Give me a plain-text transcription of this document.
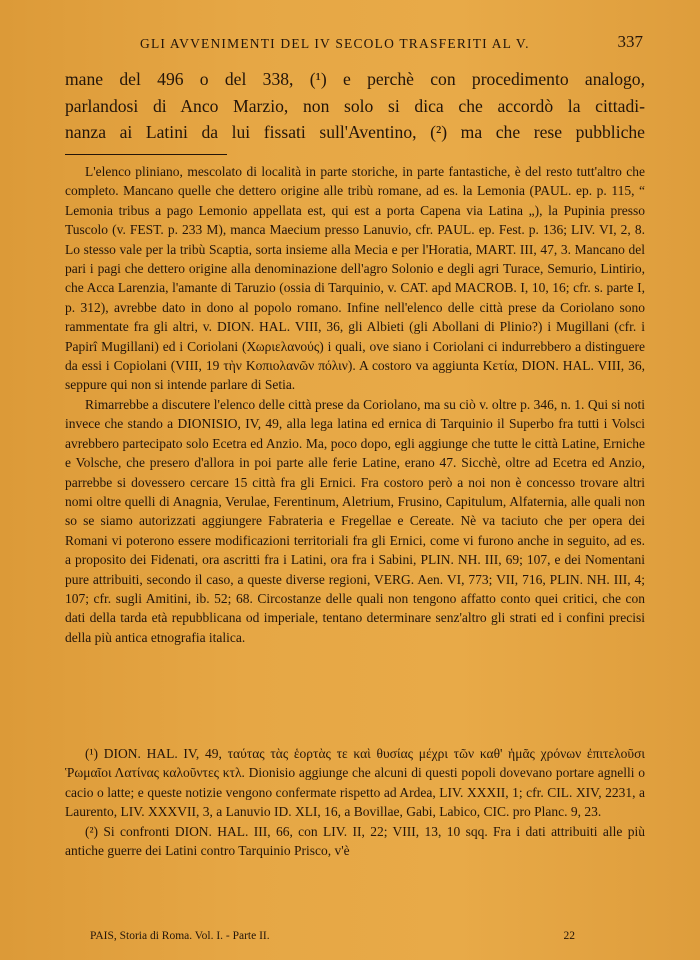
GLI AVVENIMENTI DEL IV SECOLO TRASFERITI AL V.	337
mane del 496 o del 338, (¹) e perchè con procedimento analogo,
parlandosi di Anco Marzio, non solo si dica che accordò la cittadi-
nanza ai Latini da lui fissati sull'Aventino, (²) ma che rese pubbliche

L'elenco pliniano, mescolato di località in parte storiche, in parte fantastiche, è del resto tutt'altro che completo. Mancano quelle che dettero origine alle tribù romane, ad es. la Lemonia (PAUL. ep. p. 115, “ Lemonia tribus a pago Lemonio appellata est, qui est a porta Capena via Latina „), la Pupinia presso Tuscolo (v. FEST. p. 233 M), manca Maecium presso Lanuvio, cfr. PAUL. ep. Fest. p. 136; LIV. VI, 2, 8. Lo stesso vale per la tribù Scaptia, sorta insieme alla Mecia e per l'Horatia, MART. III, 47, 3. Mancano del pari i pagi che dettero origine alla denominazione dell'agro Solonio e degli agri Turace, Semurio, Lintirio, che Acca Larenzia, l'amante di Taruzio (ossia di Tarquinio, v. CAT. apd MACROB. I, 10, 16; cfr. s. parte I, p. 312), avrebbe dato in dono al popolo romano. Infine nell'elenco delle città prese da Coriolano sono rammentate fra gli altri, v. DION. HAL. VIII, 36, gli Albieti (gli Abollani di Plinio?) i Mugillani (cfr. i Papirî Mugillani) ed i Coriolani (Χωριελανούς) i quali, ove siano i Coriolani ci indurrebbero a distinguere da essi i Copiolani (VIII, 19 τὴν Κοπιολανῶν πόλιν). A costoro va aggiunta Κετία, DION. HAL. VIII, 36, seppure qui non si intende parlare di Setia.

Rimarrebbe a discutere l'elenco delle città prese da Coriolano, ma su ciò v. oltre p. 346, n. 1. Qui si noti invece che stando a DIONISIO, IV, 49, alla lega latina ed ernica di Tarquinio il Superbo fra tutti i Volsci avrebbero partecipato solo Ecetra ed Anzio. Ma, poco dopo, egli aggiunge che tutte le città Latine, Erniche e Volsche, che presero d'allora in poi parte alle ferie Latine, erano 47. Sicchè, oltre ad Ecetra ed Anzio, parrebbe si dovessero cercare 15 città fra gli Ernici. Fra costoro però a noi non è concesso trovare altri nomi oltre quelli di Anagnia, Verulae, Ferentinum, Aletrium, Frusino, Capitulum, Alfaternia, alle quali non so se siamo autorizzati aggiungere Fabrateria e Fregellae e Cereate. Nè va taciuto che per opera dei Romani vi poterono essere modificazioni territoriali fra gli Ernici, come vi furono anche in seguito, ad es. a proposito dei Fidenati, ora ascritti fra i Latini, ora fra i Sabini, PLIN. NH. III, 69; 107, e dei Nomentani pure attribuiti, secondo il caso, a queste diverse regioni, VERG. Aen. VI, 773; VII, 716, PLIN. NH. III, 4; 107; cfr. sugli Amitini, ib. 52; 68. Circostanze delle quali non tengono affatto conto quei critici, che con dati della tarda età repubblicana od imperiale, tentano determinare senz'altro gli strati ed i confini precisi della più antica etnografia italica.

(¹) DION. HAL. IV, 49, ταύτας τὰς ἑορτὰς τε καὶ θυσίας μέχρι τῶν καθ' ἡμᾶς χρόνων ἐπιτελοῦσι Ῥωμαῖοι Λατίνας καλοῦντες κτλ. Dionisio aggiunge che alcuni di questi popoli dovevano portare agnelli o cacio o latte; e queste notizie vengono confermate rispetto ad Ardea, LIV. XXXII, 1; cfr. CIL. XIV, 2231, a Laurento, LIV. XXXVII, 3, a Lanuvio ID. XLI, 16, a Bovillae, Gabi, Labico, CIC. pro Planc. 9, 23.

(²) Si confronti DION. HAL. III, 66, con LIV. II, 22; VIII, 13, 10 sqq. Fra i dati attribuiti alle più antiche guerre dei Latini contro Tarquinio Prisco, v'è

PAIS, Storia di Roma. Vol. I. - Parte II.	22
